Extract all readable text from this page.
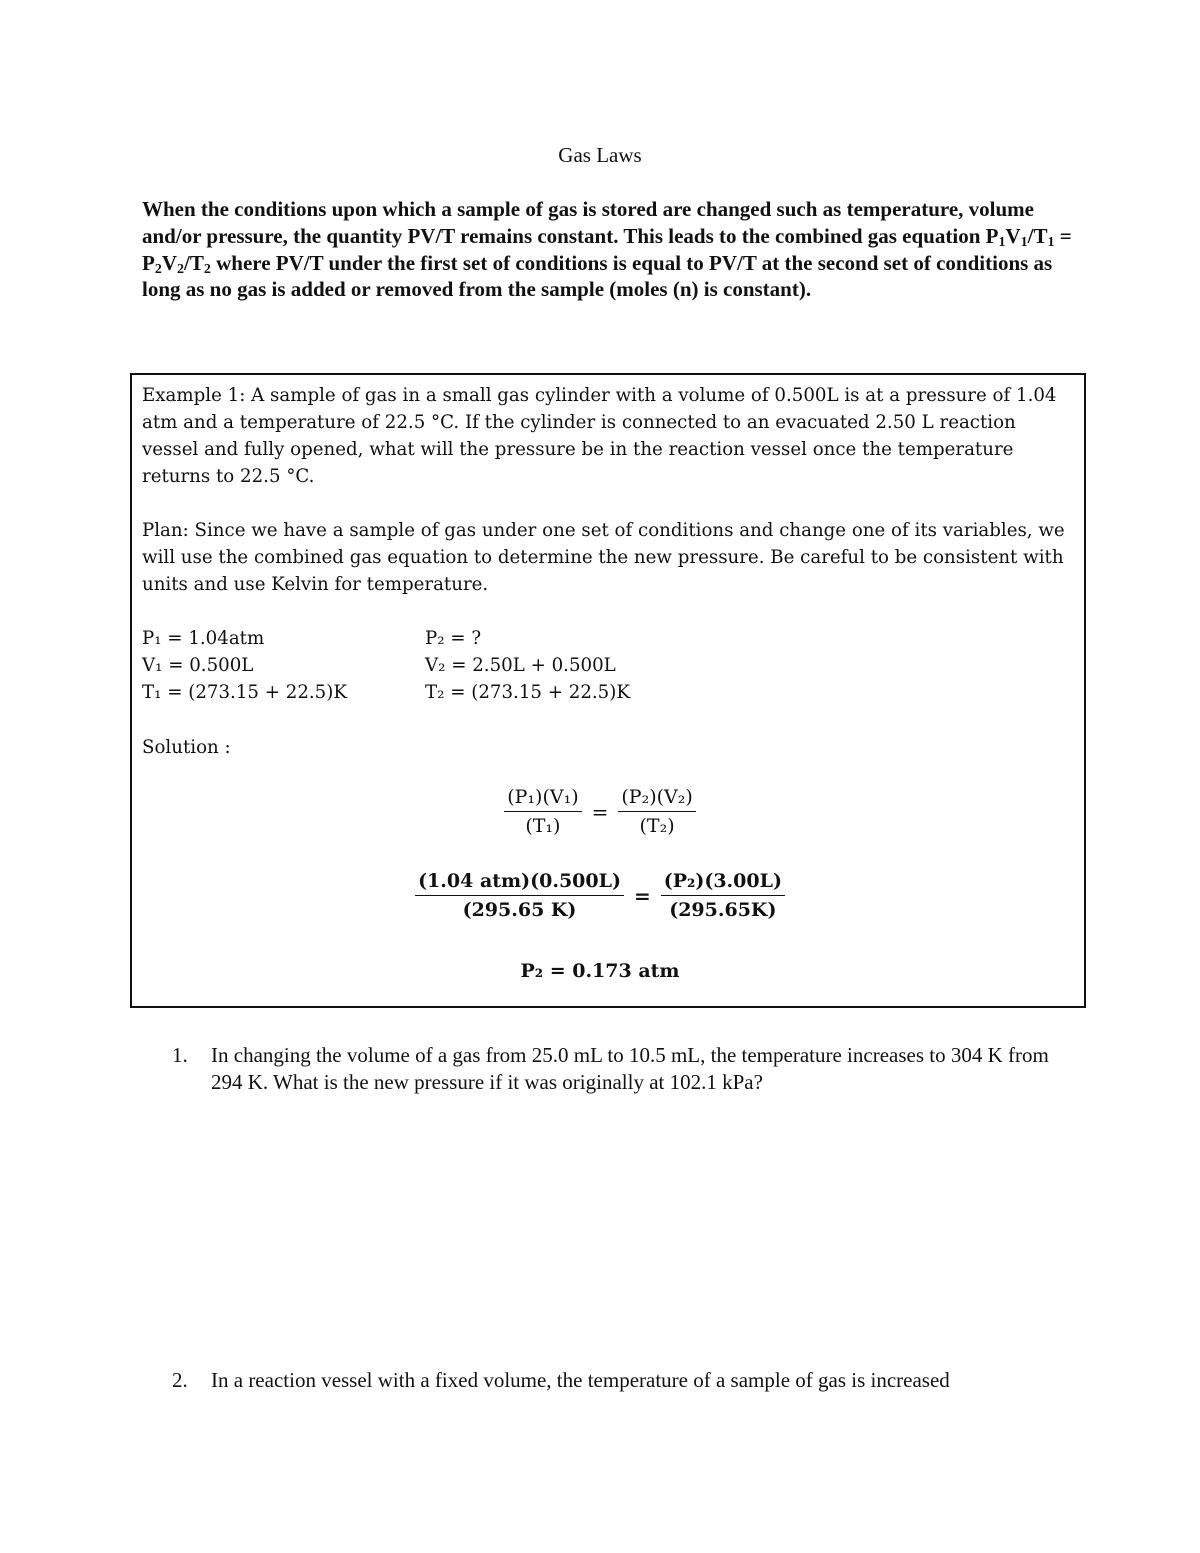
Gas Laws
When the conditions upon which a sample of gas is stored are changed such as temperature, volume and/or pressure, the quantity PV/T remains constant. This leads to the combined gas equation $P_1V_1/T_1 = P_2V_2/T_2$ where PV/T under the first set of conditions is equal to PV/T at the second set of conditions as long as no gas is added or removed from the sample (moles (n) is constant).
Example 1: A sample of gas in a small gas cylinder with a volume of 0.500L is at a pressure of 1.04 atm and a temperature of 22.5 °C. If the cylinder is connected to an evacuated 2.50 L reaction vessel and fully opened, what will the pressure be in the reaction vessel once the temperature returns to 22.5 °C.
Plan: Since we have a sample of gas under one set of conditions and change one of its variables, we will use the combined gas equation to determine the new pressure. Be careful to be consistent with units and use Kelvin for temperature.
P₁ = 1.04atm	P₂ = ?
V₁ = 0.500L	V₂ = 2.50L + 0.500L
T₁ = (273.15 + 22.5)K	T₂ = (273.15 + 22.5)K
Solution :
$\frac{\text{(P₁)(V₁)}}{\text{(T₁)}} = \frac{\text{(P₂)(V₂)}}{\text{(T₂)}}$
$\frac{\text{(1.04 atm)(0.500L)}}{(295.65 K)} = \frac{\text{(P₂)(3.00L)}}{(295.65K)}$
P₂ = 0.173 atm
1. In changing the volume of a gas from 25.0 mL to 10.5 mL, the temperature increases to 304 K from 294 K. What is the new pressure if it was originally at 102.1 kPa?
2. In a reaction vessel with a fixed volume, the temperature of a sample of gas is increased
